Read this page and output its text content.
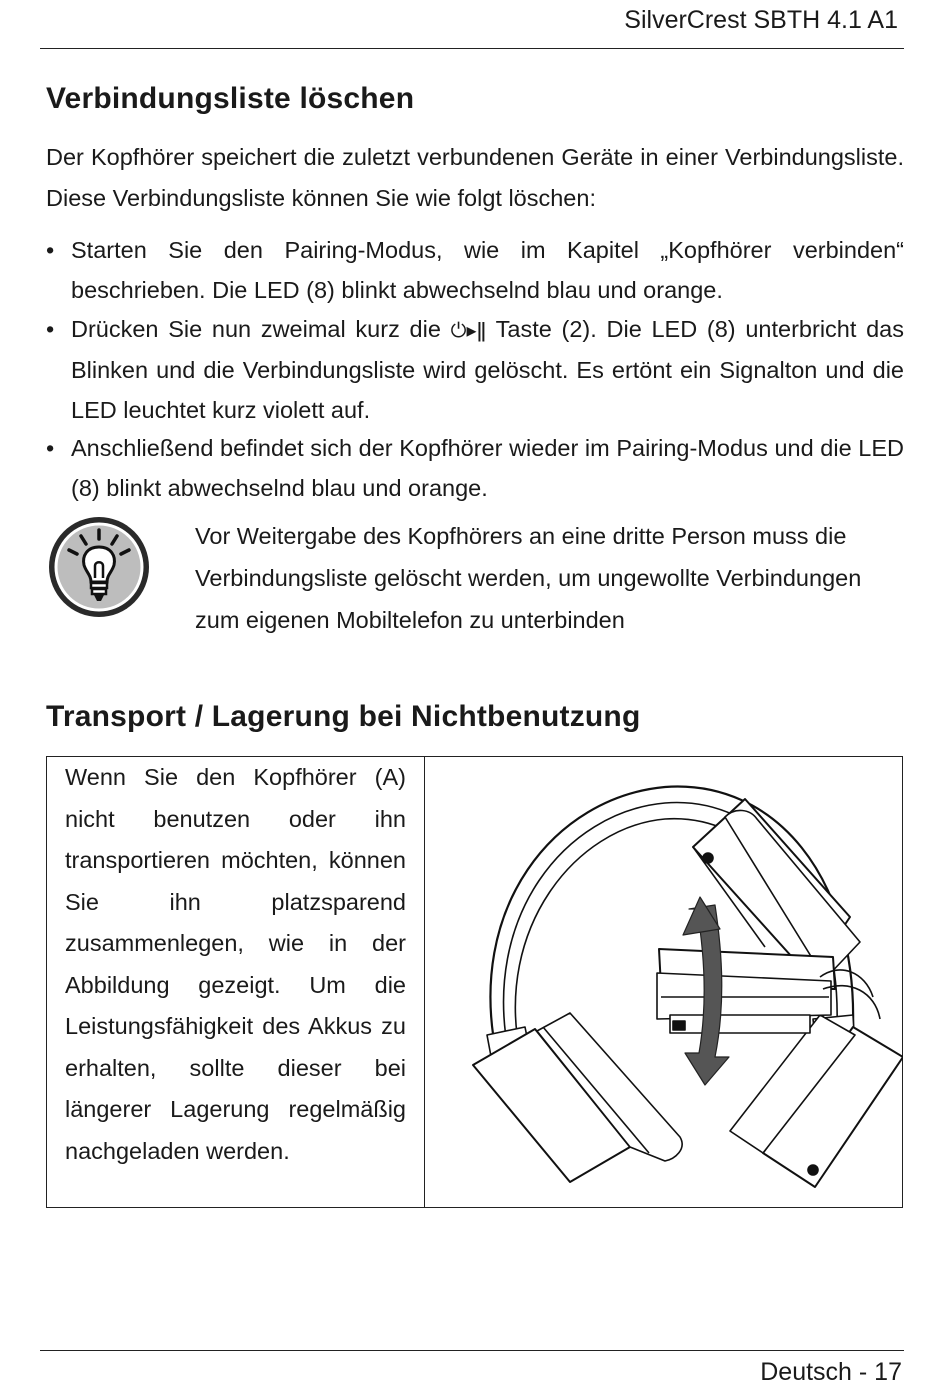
SilverCrest SBTH 4.1 A1
Verbindungsliste löschen
Der Kopfhörer speichert die zuletzt verbundenen Geräte in einer Verbindungsliste. Diese Verbindungsliste können Sie wie folgt löschen:
• Starten Sie den Pairing-Modus, wie im Kapitel „Kopfhörer verbinden“ beschrieben. Die LED (8) blinkt abwechselnd blau und orange.
• Drücken Sie nun zweimal kurz die ⏻▸ǁ Taste (2). Die LED (8) unterbricht das Blinken und die Verbindungsliste wird gelöscht. Es ertönt ein Signalton und die LED leuchtet kurz violett auf.
• Anschließend befindet sich der Kopfhörer wieder im Pairing-Modus und die LED (8) blinkt abwechselnd blau und orange.
Vor Weitergabe des Kopfhörers an eine dritte Person muss die Verbindungsliste gelöscht werden, um ungewollte Verbindungen zum eigenen Mobiltelefon zu unterbinden
Transport / Lagerung bei Nichtbenutzung
Wenn Sie den Kopfhörer (A) nicht benutzen oder ihn transportieren möchten, können Sie ihn platzsparend zusammenlegen, wie in der Abbildung gezeigt. Um die Leistungsfähigkeit des Akkus zu erhalten, sollte dieser bei längerer Lagerung regelmäßig nachgeladen werden.
Deutsch - 17
